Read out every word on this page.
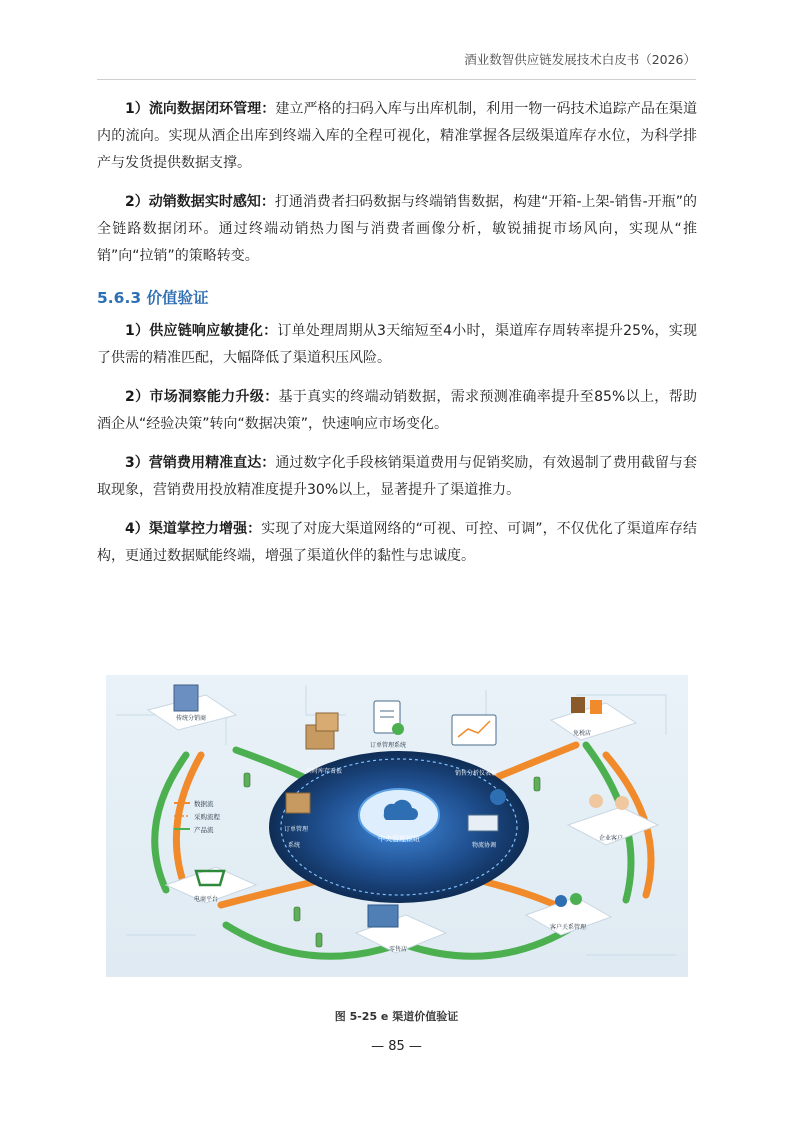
酒业数智供应链发展技术白皮书（2026）

1）流向数据闭环管理：建立严格的扫码入库与出库机制，利用一物一码技术追踪产品在渠道内的流向。实现从酒企出库到终端入库的全程可视化，精准掌握各层级渠道库存水位，为科学排产与发货提供数据支撑。

2）动销数据实时感知：打通消费者扫码数据与终端销售数据，构建“开箱-上架-销售-开瓶”的全链路数据闭环。通过终端动销热力图与消费者画像分析，敏锐捕捉市场风向，实现从“推销”向“拉销”的策略转变。

5.6.3 价值验证

1）供应链响应敏捷化：订单处理周期从3天缩短至4小时，渠道库存周转率提升25%，实现了供需的精准匹配，大幅降低了渠道积压风险。

2）市场洞察能力升级：基于真实的终端动销数据，需求预测准确率提升至85%以上，帮助酒企从“经验决策”转向“数据决策”，快速响应市场变化。

3）营销费用精准直达：通过数字化手段核销渠道费用与促销奖励，有效遏制了费用截留与套取现象，营销费用投放精准度提升30%以上，显著提升了渠道推力。

4）渠道掌控力增强：实现了对庞大渠道网络的“可视、可控、可调”，不仅优化了渠道库存结构，更通过数据赋能终端，增强了渠道伙伴的黏性与忠诚度。

中央管理枢纽
实时库存看板
订单管理系统
销售分析仪表板
订单管理
系统	物流协调
传统分销商
免税店
企业客户
客户关系管理
零售店
电商平台
数据流
采购流程
产品流
图 5-25 e 渠道价值验证
— 85 —
